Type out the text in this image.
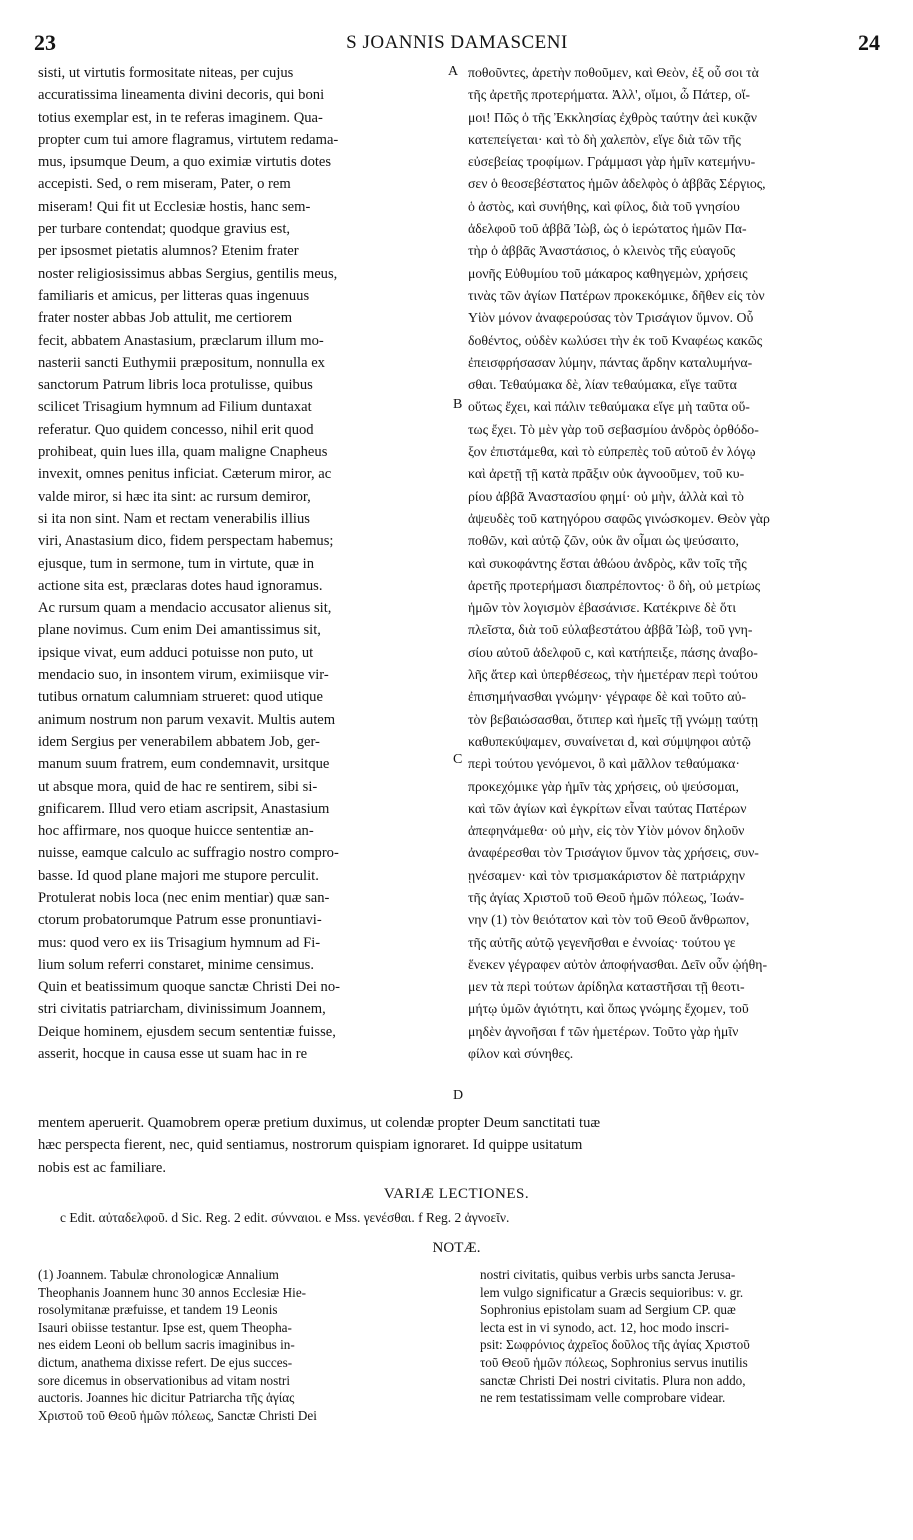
23	S JOANNIS DAMASCENI	24
sisti, ut virtutis formositate niteas, per cujus
accuratissima lineamenta divini decoris, qui boni
totius exemplar est, in te referas imaginem. Qua-
propter cum tui amore flagramus, virtutem redama-
mus, ipsumque Deum, a quo eximiæ virtutis dotes
accepisti. Sed, o rem miseram, Pater, o rem
miseram! Qui fit ut Ecclesiæ hostis, hanc sem-
per turbare contendat; quodque gravius est,
per ipsosmet pietatis alumnos? Etenim frater
noster religiosissimus abbas Sergius, gentilis meus,
familiaris et amicus, per litteras quas ingenuus
frater noster abbas Job attulit, me certiorem
fecit, abbatem Anastasium, præclarum illum mo-
nasterii sancti Euthymii præpositum, nonnulla ex
sanctorum Patrum libris loca protulisse, quibus
scilicet Trisagium hymnum ad Filium duntaxat
referatur. Quo quidem concesso, nihil erit quod
prohibeat, quin lues illa, quam maligne Cnapheus
invexit, omnes penitus inficiat. Cæterum miror, ac
valde miror, si hæc ita sint: ac rursum demiror,
si ita non sint. Nam et rectam venerabilis illius
viri, Anastasium dico, fidem perspectam habemus;
ejusque, tum in sermone, tum in virtute, quæ in
actione sita est, præclaras dotes haud ignoramus.
Ac rursum quam a mendacio accusator alienus sit,
plane novimus. Cum enim Dei amantissimus sit,
ipsique vivat, eum adduci potuisse non puto, ut
mendacio suo, in insontem virum, eximiisque vir-
tutibus ornatum calumniam strueret: quod utique
animum nostrum non parum vexavit. Multis autem
idem Sergius per venerabilem abbatem Job, ger-
manum suum fratrem, eum condemnavit, ursitque
ut absque mora, quid de hac re sentirem, sibi si-
gnificarem. Illud vero etiam ascripsit, Anastasium
hoc affirmare, nos quoque huicce sententiæ an-
nuisse, eamque calculo ac suffragio nostro compro-
basse. Id quod plane majori me stupore perculit.
Protulerat nobis loca (nec enim mentiar) quæ san-
ctorum probatorumque Patrum esse pronuntiavi-
mus: quod vero ex iis Trisagium hymnum ad Fi-
lium solum referri constaret, minime censimus.
Quin et beatissimum quoque sanctæ Christi Dei no-
stri civitatis patriarcham, divinissimum Joannem,
Deique hominem, ejusdem secum sententiæ fuisse,
asserit, hocque in causa esse ut suam hac in re
ποθοῦντες, ἀρετὴν ποθοῦμεν, καὶ Θεὸν, ἐξ οὗ σοι τὰ
τῆς ἀρετῆς προτερήματα. Ἀλλ', οἴμοι, ὦ Πάτερ, οἴ-
μοι! Πῶς ὁ τῆς Ἐκκλησίας ἐχθρὸς ταύτην ἀεὶ κυκᾷν
κατεπείγεται· καὶ τὸ δὴ χαλεπὸν, εἴγε διὰ τῶν τῆς
εὐσεβείας τροφίμων. Γράμμασι γὰρ ἡμῖν κατεμήνυ-
σεν ὁ θεοσεβέστατος ἡμῶν ἀδελφὸς ὁ ἀββᾶς Σέργιος,
ὁ ἀστὸς, καὶ συνήθης, καὶ φίλος, διὰ τοῦ γνησίου
ἀδελφοῦ τοῦ ἀββᾶ Ἰὼβ, ὡς ὁ ἱερώτατος ἡμῶν Πα-
τὴρ ὁ ἀββᾶς Ἀναστάσιος, ὁ κλεινὸς τῆς εὐαγοῦς
μονῆς Εὐθυμίου τοῦ μάκαρος καθηγεμὼν, χρήσεις
τινὰς τῶν ἁγίων Πατέρων προκεκόμικε, δῆθεν εἰς τὸν
Υἱὸν μόνον ἀναφερούσας τὸν Τρισάγιον ὕμνον. Οὗ
δοθέντος, οὐδὲν κωλύσει τὴν ἐκ τοῦ Κναφέως κακῶς
ἐπεισφρήσασαν λύμην, πάντας ἄρδην καταλυμήνα-
σθαι. Τεθαύμακα δὲ, λίαν τεθαύμακα, εἴγε ταῦτα
οὕτως ἔχει, καὶ πάλιν τεθαύμακα εἴγε μὴ ταῦτα οὕ-
τως ἔχει. Τὸ μὲν γὰρ τοῦ σεβασμίου ἀνδρὸς ὀρθόδο-
ξον ἐπιστάμεθα, καὶ τὸ εὐπρεπὲς τοῦ αὐτοῦ ἐν λόγῳ
καὶ ἀρετῇ τῇ κατὰ πρᾶξιν οὐκ ἀγνοοῦμεν, τοῦ κυ-
ρίου ἀββᾶ Ἀναστασίου φημί· οὐ μὴν, ἀλλὰ καὶ τὸ
ἀψευδὲς τοῦ κατηγόρου σαφῶς γινώσκομεν. Θεὸν γὰρ
ποθῶν, καὶ αὐτῷ ζῶν, οὐκ ἂν οἶμαι ὡς ψεύσαιτο,
καὶ συκοφάντης ἔσται ἀθώου ἀνδρὸς, κἂν τοῖς τῆς
ἀρετῆς προτερήμασι διαπρέποντος· ὃ δὴ, οὐ μετρίως
ἡμῶν τὸν λογισμὸν ἐβασάνισε. Κατέκρινε δὲ ὅτι
πλεῖστα, διὰ τοῦ εὐλαβεστάτου ἀββᾶ Ἰὼβ, τοῦ γνη-
σίου αὐτοῦ ἀδελφοῦ c, καὶ κατήπειξε, πάσης ἀναβο-
λῆς ἄτερ καὶ ὑπερθέσεως, τὴν ἡμετέραν περὶ τούτου
ἐπισημήνασθαι γνώμην· γέγραφε δὲ καὶ τοῦτο αὐ-
τὸν βεβαιώσασθαι, ὅτιπερ καὶ ἡμεῖς τῇ γνώμῃ ταύτῃ
καθυπεκύψαμεν, συναίνεται d, καὶ σύμψηφοι αὐτῷ
περὶ τούτου γενόμενοι, ὃ καὶ μᾶλλον τεθαύμακα·
προκεχόμικε γὰρ ἡμῖν τὰς χρήσεις, οὐ ψεύσομαι,
καὶ τῶν ἁγίων καὶ ἐγκρίτων εἶναι ταύτας Πατέρων
ἀπεφηνάμεθα· οὐ μὴν, εἰς τὸν Υἱὸν μόνον δηλοῦν
ἀναφέρεσθαι τὸν Τρισάγιον ὕμνον τὰς χρήσεις, συν-
ῃνέσαμεν· καὶ τὸν τρισμακάριστον δὲ πατριάρχην
τῆς ἁγίας Χριστοῦ τοῦ Θεοῦ ἡμῶν πόλεως, Ἰωάν-
νην (1) τὸν θειότατον καὶ τὸν τοῦ Θεοῦ ἄνθρωπον,
τῆς αὐτῆς αὐτῷ γεγενῆσθαι e ἐννοίας· τούτου γε
ἕνεκεν γέγραφεν αὐτὸν ἀποφήνασθαι. Δεῖν οὖν ᾠήθη-
μεν τὰ περὶ τούτων ἀρίδηλα καταστῆσαι τῇ θεοτι-
μήτῳ ὑμῶν ἁγιότητι, καὶ ὅπως γνώμης ἔχομεν, τοῦ
μηδὲν ἀγνοῆσαι f τῶν ἡμετέρων. Τοῦτο γὰρ ἡμῖν
φίλον καὶ σύνηθες.
A
B
C
D
mentem aperuerit. Quamobrem operæ pretium duximus, ut colendæ propter Deum sanctitati tuæ
hæc perspecta fierent, nec, quid sentiamus, nostrorum quispiam ignoraret. Id quippe usitatum
nobis est ac familiare.
VARIÆ LECTIONES.
c Edit. αὐταδελφοῦ. d Sic. Reg. 2 edit. σύνναιοι. e Mss. γενέσθαι. f Reg. 2 ἀγνοεῖν.
NOTÆ.
(1) Joannem. Tabulæ chronologicæ Annalium
Theophanis Joannem hunc 30 annos Ecclesiæ Hie-
rosolymitanæ præfuisse, et tandem 19 Leonis
Isauri obiisse testantur. Ipse est, quem Theopha-
nes eidem Leoni ob bellum sacris imaginibus in-
dictum, anathema dixisse refert. De ejus succes-
sore dicemus in observationibus ad vitam nostri
auctoris. Joannes hic dicitur Patriarcha τῆς ἁγίας
Χριστοῦ τοῦ Θεοῦ ἡμῶν πόλεως, Sanctæ Christi Dei
nostri civitatis, quibus verbis urbs sancta Jerusa-
lem vulgo significatur a Græcis sequioribus: v. gr.
Sophronius epistolam suam ad Sergium CP. quæ
lecta est in vi synodo, act. 12, hoc modo inscri-
psit: Σωφρόνιος ἀχρεῖος δοῦλος τῆς ἁγίας Χριστοῦ
τοῦ Θεοῦ ἡμῶν πόλεως, Sophronius servus inutilis
sanctæ Christi Dei nostri civitatis. Plura non addo,
ne rem testatissimam velle comprobare videar.
